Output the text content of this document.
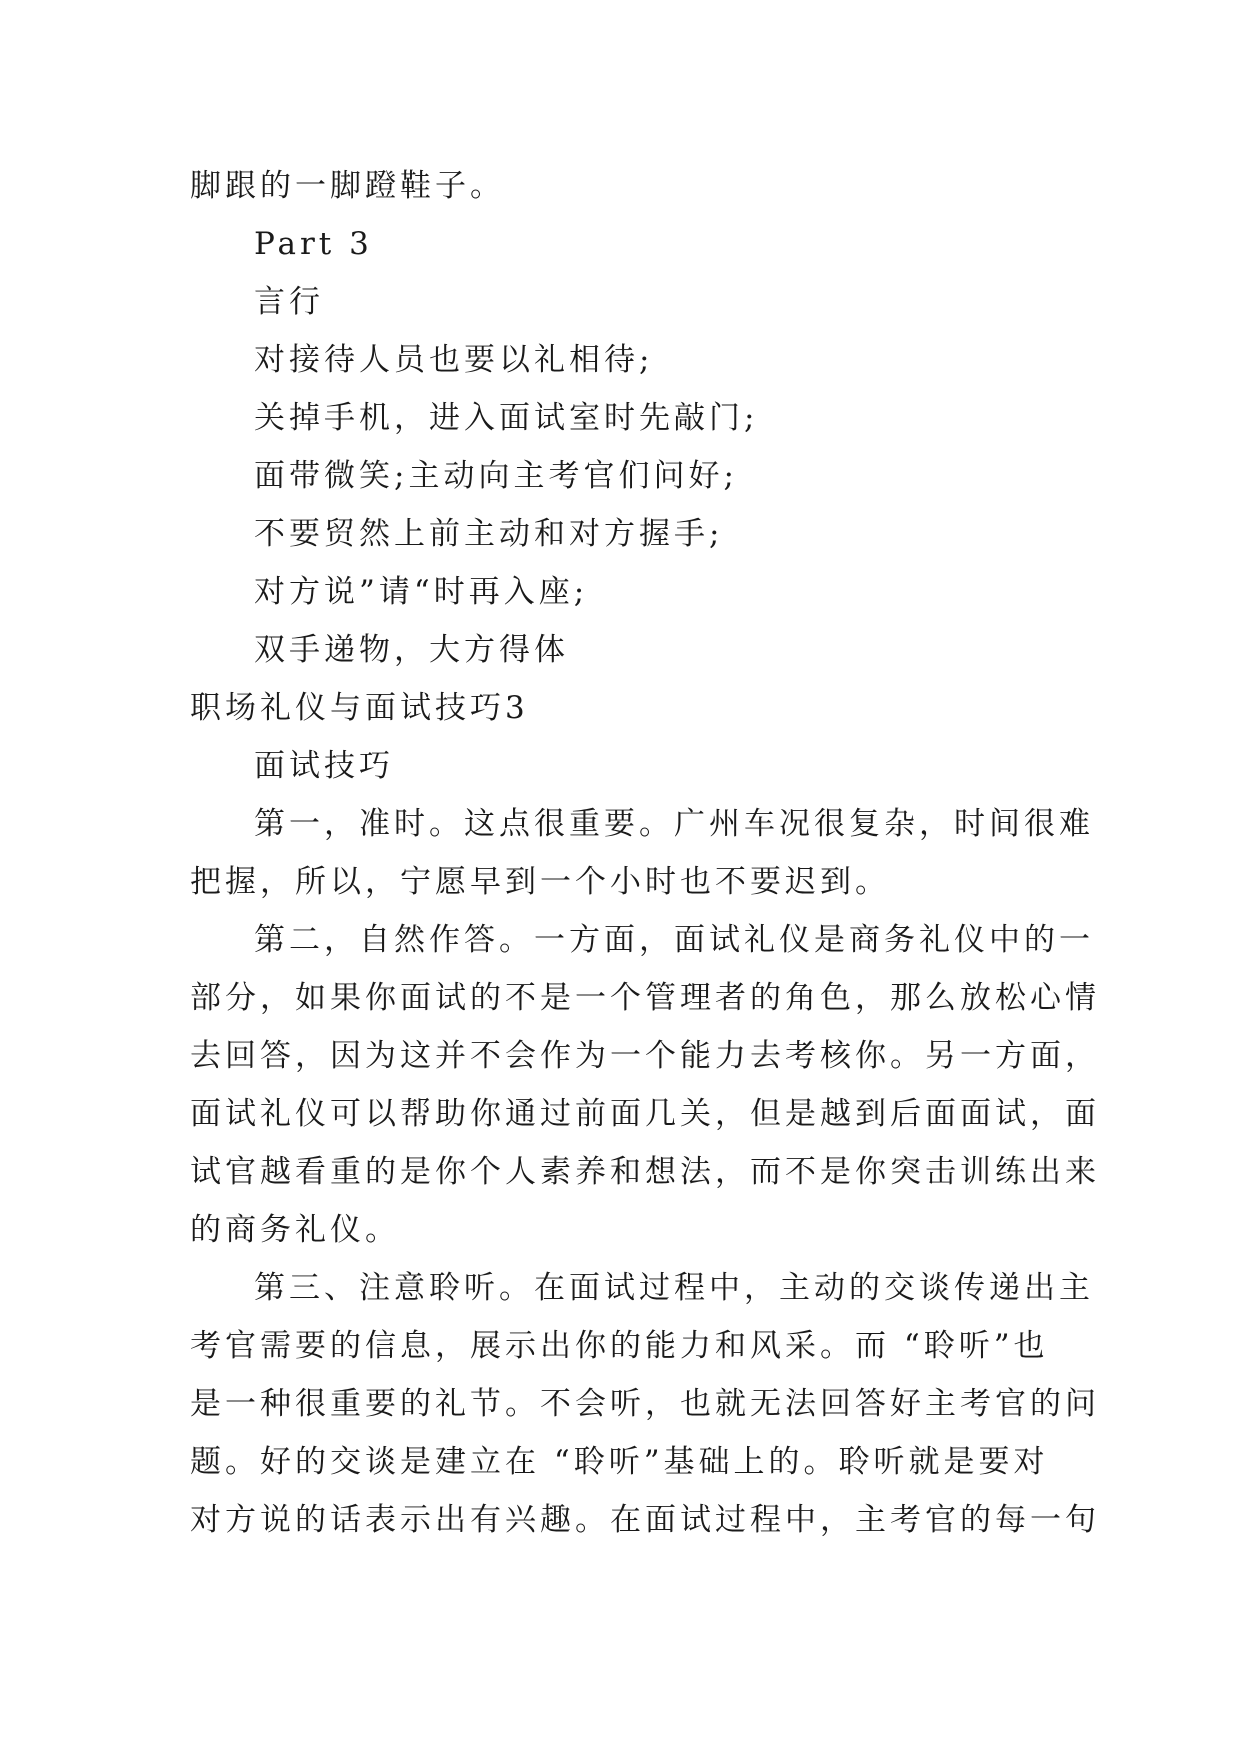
脚跟的一脚蹬鞋子。

Part 3

言行

对接待人员也要以礼相待;

关掉手机，进入面试室时先敲门;

面带微笑;主动向主考官们问好;

不要贸然上前主动和对方握手;

对方说”请“时再入座;

双手递物，大方得体

职场礼仪与面试技巧3

面试技巧

第一，准时。这点很重要。广州车况很复杂，时间很难

把握，所以，宁愿早到一个小时也不要迟到。

第二，自然作答。一方面，面试礼仪是商务礼仪中的一

部分，如果你面试的不是一个管理者的角色，那么放松心情

去回答，因为这并不会作为一个能力去考核你。另一方面，

面试礼仪可以帮助你通过前面几关，但是越到后面面试，面

试官越看重的是你个人素养和想法，而不是你突击训练出来

的商务礼仪。

第三、注意聆听。在面试过程中，主动的交谈传递出主

考官需要的信息，展示出你的能力和风采。而 “聆听”也

是一种很重要的礼节。不会听，也就无法回答好主考官的问

题。好的交谈是建立在 “聆听”基础上的。聆听就是要对

对方说的话表示出有兴趣。在面试过程中，主考官的每一句
